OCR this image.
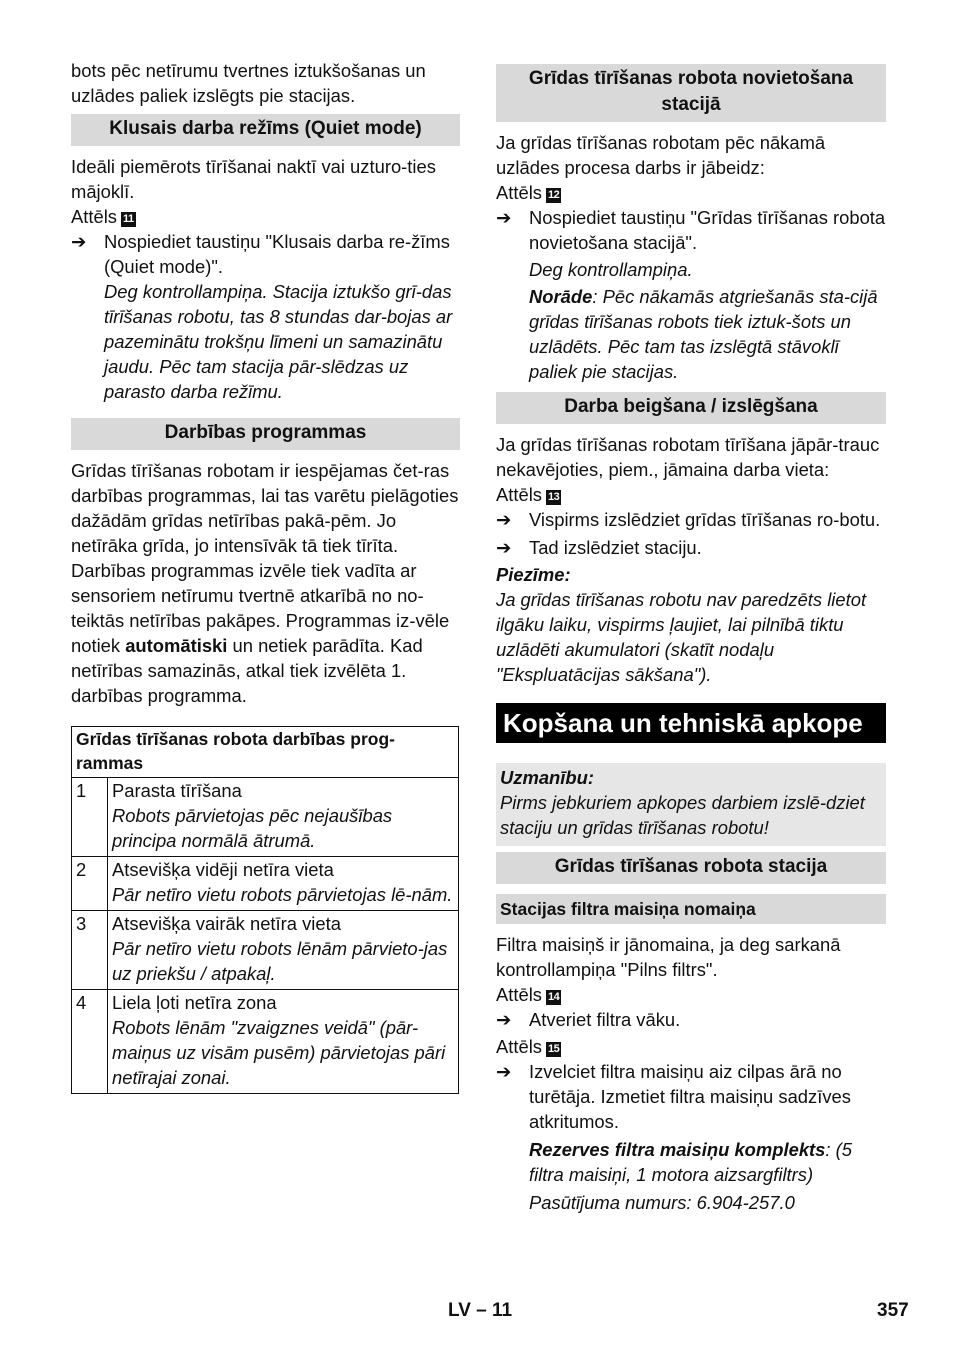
bots pēc netīrumu tvertnes iztukšošanas un uzlādes paliek izslēgts pie stacijas.

Klusais darba režīms (Quiet mode)

Ideāli piemērots tīrīšanai naktī vai uzturo-ties mājoklī.

Attēls 11

➔ Nospiediet taustiņu "Klusais darba re-žīms (Quiet mode)".

Deg kontrollampiņa. Stacija iztukšo grī-das tīrīšanas robotu, tas 8 stundas dar-bojas ar pazeminātu trokšņu līmeni un samazinātu jaudu. Pēc tam stacija pār-slēdzas uz parasto darba režīmu.

Darbības programmas

Grīdas tīrīšanas robotam ir iespējamas čet-ras darbības programmas, lai tas varētu pielāgoties dažādām grīdas netīrības pakā-pēm. Jo netīrāka grīda, jo intensīvāk tā tiek tīrīta.

Darbības programmas izvēle tiek vadīta ar sensoriem netīrumu tvertnē atkarībā no no-teiktās netīrības pakāpes. Programmas iz-vēle notiek automātiski un netiek parādīta. Kad netīrības samazinās, atkal tiek izvēlēta 1. darbības programma.

Grīdas tīrīšanas robota darbības prog-rammas	
1	Parasta tīrīšana
Robots pārvietojas pēc nejaušības principa normālā ātrumā.

2	Atsevišķa vidēji netīra vieta
Pār netīro vietu robots pārvietojas lē-nām.

3	Atsevišķa vairāk netīra vieta
Pār netīro vietu robots lēnām pārvieto-jas uz priekšu / atpakaļ.

4	Liela ļoti netīra zona
Robots lēnām "zvaigznes veidā" (pār-maiņus uz visām pusēm) pārvietojas pāri netīrajai zonai.
Grīdas tīrīšanas robota novietošana stacijā

Ja grīdas tīrīšanas robotam pēc nākamā uzlādes procesa darbs ir jābeidz:

Attēls 12

➔ Nospiediet taustiņu "Grīdas tīrīšanas robota novietošana stacijā".

Deg kontrollampiņa.

Norāde: Pēc nākamās atgriešanās sta-cijā grīdas tīrīšanas robots tiek iztuk-šots un uzlādēts. Pēc tam tas izslēgtā stāvoklī paliek pie stacijas.

Darba beigšana / izslēgšana

Ja grīdas tīrīšanas robotam tīrīšana jāpār-trauc nekavējoties, piem., jāmaina darba vieta:

Attēls 13

➔ Vispirms izslēdziet grīdas tīrīšanas ro-botu.
➔ Tad izslēdziet staciju.

Piezīme:

Ja grīdas tīrīšanas robotu nav paredzēts lietot ilgāku laiku, vispirms ļaujiet, lai pilnībā tiktu uzlādēti akumulatori (skatīt nodaļu "Ekspluatācijas sākšana").

Kopšana un tehniskā apkope

Uzmanību:

Pirms jebkuriem apkopes darbiem izslē-dziet staciju un grīdas tīrīšanas robotu!

Grīdas tīrīšanas robota stacija
Stacijas filtra maisiņa nomaiņa

Filtra maisiņš ir jānomaina, ja deg sarkanā kontrollampiņa "Pilns filtrs".

Attēls 14

➔ Atveriet filtra vāku.

Attēls 15

➔ Izvelciet filtra maisiņu aiz cilpas ārā no turētāja. Izmetiet filtra maisiņu sadzīves atkritumos.

Rezerves filtra maisiņu komplekts: (5 filtra maisiņi, 1 motora aizsargfiltrs)

Pasūtījuma numurs: 6.904-257.0

LV – 11	357
